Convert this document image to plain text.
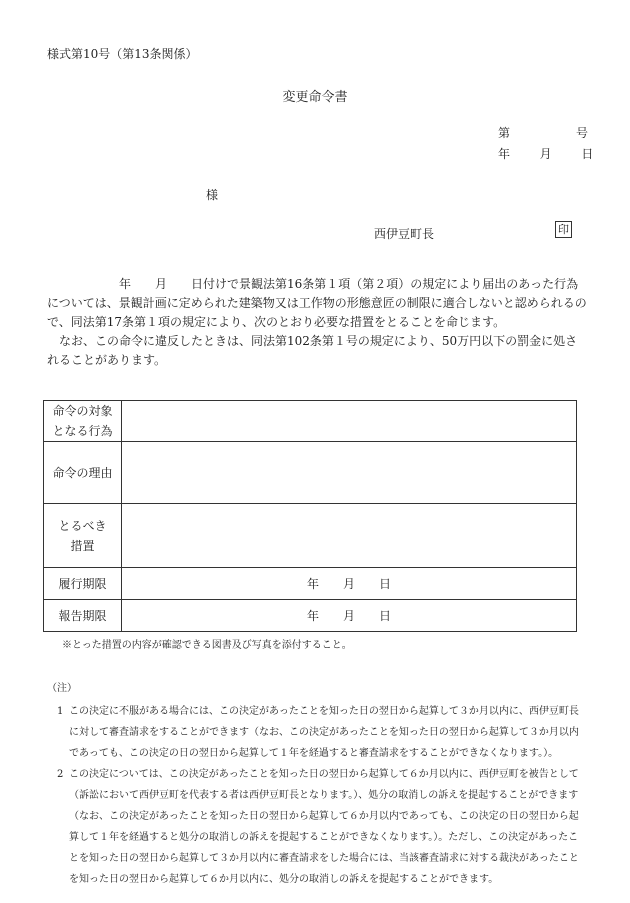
様式第10号（第13条関係）
変更命令書
第	号
年 月 日
様
西伊豆町長	印

年　　月　　日付けで景観法第16条第１項（第２項）の規定により届出のあった行為については、景観計画に定められた建築物又は工作物の形態意匠の制限に適合しないと認められるので、同法第17条第１項の規定により、次のとおり必要な措置をとることを命じます。

なお、この命令に違反したときは、同法第102条第１号の規定により、50万円以下の罰金に処されることがあります。

命令の対象
となる行為	

命令の理由	

とるべき
措置	

履行期限	年　　月　　日
報告期限	年　　月　　日
※とった措置の内容が確認できる図書及び写真を添付すること。

（注）

1 この決定に不服がある場合には、この決定があったことを知った日の翌日から起算して３か月以内に、西伊豆町長に対して審査請求をすることができます（なお、この決定があったことを知った日の翌日から起算して３か月以内であっても、この決定の日の翌日から起算して１年を経過すると審査請求をすることができなくなります。）。

2 この決定については、この決定があったことを知った日の翌日から起算して６か月以内に、西伊豆町を被告として（訴訟において西伊豆町を代表する者は西伊豆町長となります。）、処分の取消しの訴えを提起することができます（なお、この決定があったことを知った日の翌日から起算して６か月以内であっても、この決定の日の翌日から起算して１年を経過すると処分の取消しの訴えを提起することができなくなります。）。ただし、この決定があったことを知った日の翌日から起算して３か月以内に審査請求をした場合には、当該審査請求に対する裁決があったことを知った日の翌日から起算して６か月以内に、処分の取消しの訴えを提起することができます。
